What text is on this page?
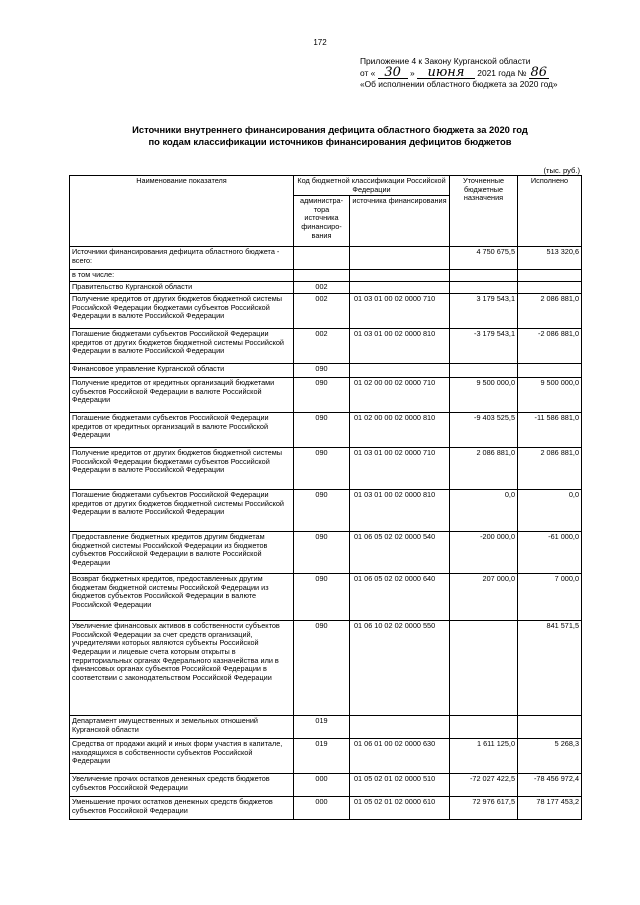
172
Приложение 4 к Закону Курганской области
от « 30 » июня 2021 года № 86
«Об исполнении областного бюджета за 2020 год»
Источники внутреннего финансирования дефицита областного бюджета за 2020 год
по кодам классификации источников финансирования дефицитов бюджетов
(тыс. руб.)
Наименование показателя	Код бюджетной классификации Российской Федерации		Уточненные бюджетные назначения	Исполнено
	администра-тора источника финансиро-вания	источника финансирования		
Источники финансирования дефицита областного бюджета - всего:			4 750 675,5	513 320,6
в том числе:				
Правительство Курганской области	002			
Получение кредитов от других бюджетов бюджетной системы Российской Федерации бюджетами субъектов Российской Федерации в валюте Российской Федерации	002	01 03 01 00 02 0000 710	3 179 543,1	2 086 881,0
Погашение бюджетами субъектов Российской Федерации кредитов от других бюджетов бюджетной системы Российской Федерации в валюте Российской Федерации	002	01 03 01 00 02 0000 810	-3 179 543,1	-2 086 881,0
Финансовое управление Курганской области	090			
Получение кредитов от кредитных организаций бюджетами субъектов Российской Федерации в валюте Российской Федерации	090	01 02 00 00 02 0000 710	9 500 000,0	9 500 000,0
Погашение бюджетами субъектов Российской Федерации кредитов от кредитных организаций в валюте Российской Федерации	090	01 02 00 00 02 0000 810	-9 403 525,5	-11 586 881,0
Получение кредитов от других бюджетов бюджетной системы Российской Федерации бюджетами субъектов Российской Федерации в валюте Российской Федерации	090	01 03 01 00 02 0000 710	2 086 881,0	2 086 881,0
Погашение бюджетами субъектов Российской Федерации кредитов от других бюджетов бюджетной системы Российской Федерации в валюте Российской Федерации	090	01 03 01 00 02 0000 810	0,0	0,0
Предоставление бюджетных кредитов другим бюджетам бюджетной системы Российской Федерации из бюджетов субъектов Российской Федерации в валюте Российской Федерации	090	01 06 05 02 02 0000 540	-200 000,0	-61 000,0
Возврат бюджетных кредитов, предоставленных другим бюджетам бюджетной системы Российской Федерации из бюджетов субъектов Российской Федерации в валюте Российской Федерации	090	01 06 05 02 02 0000 640	207 000,0	7 000,0
Увеличение финансовых активов в собственности субъектов Российской Федерации за счет средств организаций, учредителями которых являются субъекты Российской Федерации и лицевые счета которым открыты в территориальных органах Федерального казначейства или в финансовых органах субъектов Российской Федерации в соответствии с законодательством Российской Федерации	090	01 06 10 02 02 0000 550		841 571,5
Департамент имущественных и земельных отношений Курганской области	019			
Средства от продажи акций и иных форм участия в капитале, находящихся в собственности субъектов Российской Федерации	019	01 06 01 00 02 0000 630	1 611 125,0	5 268,3
Увеличение прочих остатков денежных средств бюджетов субъектов Российской Федерации	000	01 05 02 01 02 0000 510	-72 027 422,5	-78 456 972,4
Уменьшение прочих остатков денежных средств бюджетов субъектов Российской Федерации	000	01 05 02 01 02 0000 610	72 976 617,5	78 177 453,2
